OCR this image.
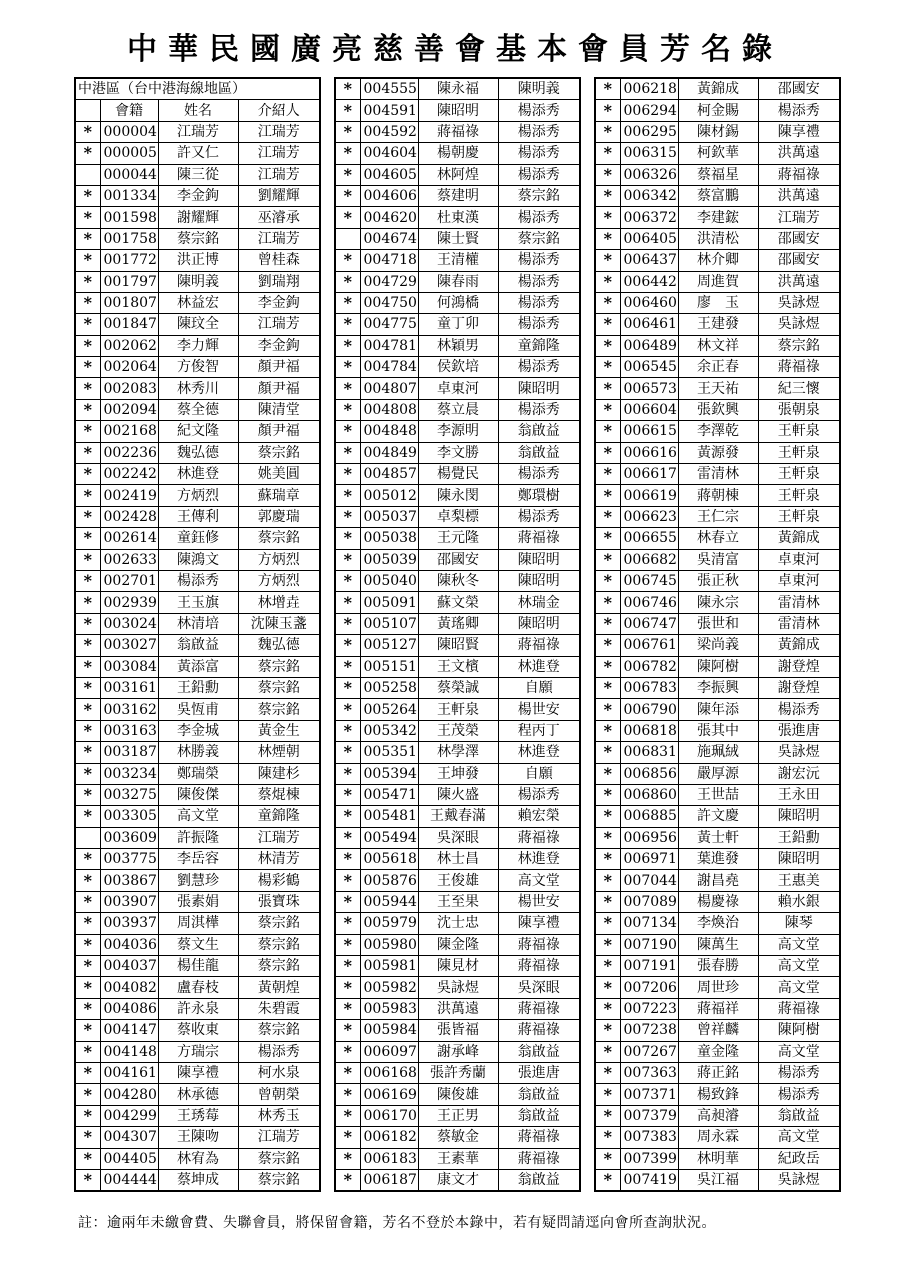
中華民國廣亮慈善會基本會員芳名錄
中港區（台中港海線地區）			
	會籍	姓名	介紹人
*	000004	江瑞芳	江瑞芳
*	000005	許又仁	江瑞芳
	000044	陳三從	江瑞芳
*	001334	李金鉤	劉耀輝
*	001598	謝耀輝	巫濬承
*	001758	蔡宗銘	江瑞芳
*	001772	洪正博	曾桂森
*	001797	陳明義	劉瑞翔
*	001807	林益宏	李金鉤
*	001847	陳玟全	江瑞芳
*	002062	李力輝	李金鉤
*	002064	方俊智	顏尹福
*	002083	林秀川	顏尹福
*	002094	蔡全德	陳清堂
*	002168	紀文隆	顏尹福
*	002236	魏弘德	蔡宗銘
*	002242	林進登	姚美圓
*	002419	方炳烈	蘇瑞章
*	002428	王傳利	郭慶瑞
*	002614	童鈺修	蔡宗銘
*	002633	陳鴻文	方炳烈
*	002701	楊添秀	方炳烈
*	002939	王玉旗	林增垚
*	003024	林清培	沈陳玉盞
*	003027	翁啟益	魏弘德
*	003084	黃添富	蔡宗銘
*	003161	王鉛勳	蔡宗銘
*	003162	吳恆甫	蔡宗銘
*	003163	李金城	黃金生
*	003187	林勝義	林煙朝
*	003234	鄭瑞榮	陳建杉
*	003275	陳俊傑	蔡焜棟
*	003305	高文堂	童錦隆
	003609	許振隆	江瑞芳
*	003775	李岳容	林清芳
*	003867	劉慧珍	楊彩鶴
*	003907	張素娟	張寶珠
*	003937	周淇樺	蔡宗銘
*	004036	蔡文生	蔡宗銘
*	004037	楊佳龍	蔡宗銘
*	004082	盧春枝	黃朝煌
*	004086	許永泉	朱碧霞
*	004147	蔡收東	蔡宗銘
*	004148	方瑞宗	楊添秀
*	004161	陳享禮	柯水泉
*	004280	林承德	曾朝榮
*	004299	王琇莓	林秀玉
*	004307	王陳吻	江瑞芳
*	004405	林宥為	蔡宗銘
*	004444	蔡坤成	蔡宗銘
*	004555	陳永福	陳明義
*	004591	陳昭明	楊添秀
*	004592	蔣福祿	楊添秀
*	004604	楊朝慶	楊添秀
*	004605	林阿煌	楊添秀
*	004606	蔡建明	蔡宗銘
*	004620	杜東漢	楊添秀
	004674	陳士賢	蔡宗銘
*	004718	王清權	楊添秀
*	004729	陳春雨	楊添秀
*	004750	何鴻橋	楊添秀
*	004775	童丁卯	楊添秀
*	004781	林穎男	童錦隆
*	004784	侯欽培	楊添秀
*	004807	卓東河	陳昭明
*	004808	蔡立晨	楊添秀
*	004848	李源明	翁啟益
*	004849	李文勝	翁啟益
*	004857	楊覺民	楊添秀
*	005012	陳永閔	鄭環樹
*	005037	卓梨標	楊添秀
*	005038	王元隆	蔣福祿
*	005039	邵國安	陳昭明
*	005040	陳秋冬	陳昭明
*	005091	蘇文榮	林瑞金
*	005107	黃瑤卿	陳昭明
*	005127	陳昭賢	蔣福祿
*	005151	王文檳	林進登
*	005258	蔡榮誠	自願
*	005264	王軒泉	楊世安
*	005342	王茂榮	程丙丁
*	005351	林學澤	林進登
*	005394	王坤發	自願
*	005471	陳火盛	楊添秀
*	005481	王戴春滿	賴宏榮
*	005494	吳深眼	蔣福祿
*	005618	林士昌	林進登
*	005876	王俊雄	高文堂
*	005944	王至果	楊世安
*	005979	沈士忠	陳享禮
*	005980	陳金隆	蔣福祿
*	005981	陳見材	蔣福祿
*	005982	吳詠煜	吳深眼
*	005983	洪萬遠	蔣福祿
*	005984	張皆福	蔣福祿
*	006097	謝承峰	翁啟益
*	006168	張許秀蘭	張進唐
*	006169	陳俊雄	翁啟益
*	006170	王正男	翁啟益
*	006182	蔡敏金	蔣福祿
*	006183	王素華	蔣福祿
*	006187	康文才	翁啟益
*	006218	黃錦成	邵國安
*	006294	柯金賜	楊添秀
*	006295	陳材錫	陳享禮
*	006315	柯欽華	洪萬遠
*	006326	蔡福星	蔣福祿
*	006342	蔡富鵬	洪萬遠
*	006372	李建鋐	江瑞芳
*	006405	洪清松	邵國安
*	006437	林介卿	邵國安
*	006442	周進賀	洪萬遠
*	006460	廖　玉	吳詠煜
*	006461	王建發	吳詠煜
*	006489	林文祥	蔡宗銘
*	006545	余正春	蔣福祿
*	006573	王天祐	紀三懷
*	006604	張欽興	張朝泉
*	006615	李澤乾	王軒泉
*	006616	黃源發	王軒泉
*	006617	雷清林	王軒泉
*	006619	蔣朝棟	王軒泉
*	006623	王仁宗	王軒泉
*	006655	林春立	黃錦成
*	006682	吳清富	卓東河
*	006745	張正秋	卓東河
*	006746	陳永宗	雷清林
*	006747	張世和	雷清林
*	006761	梁尚義	黃錦成
*	006782	陳阿樹	謝登煌
*	006783	李振興	謝登煌
*	006790	陳年添	楊添秀
*	006818	張其中	張進唐
*	006831	施珮絨	吳詠煜
*	006856	嚴厚源	謝宏沅
*	006860	王世喆	王永田
*	006885	許文慶	陳昭明
*	006956	黃士軒	王鉛勳
*	006971	葉進發	陳昭明
*	007044	謝昌堯	王惠美
*	007089	楊慶祿	賴水銀
*	007134	李煥治	陳琴
*	007190	陳萬生	高文堂
*	007191	張春勝	高文堂
*	007206	周世珍	高文堂
*	007223	蔣福祥	蔣福祿
*	007238	曾祥麟	陳阿樹
*	007267	童金隆	高文堂
*	007363	蔣正銘	楊添秀
*	007371	楊致鋒	楊添秀
*	007379	高昶濬	翁啟益
*	007383	周永霖	高文堂
*	007399	林明華	紀政岳
*	007419	吳江福	吳詠煜
註：逾兩年未繳會費、失聯會員，將保留會籍，芳名不登於本錄中，若有疑問請逕向會所查詢狀況。
